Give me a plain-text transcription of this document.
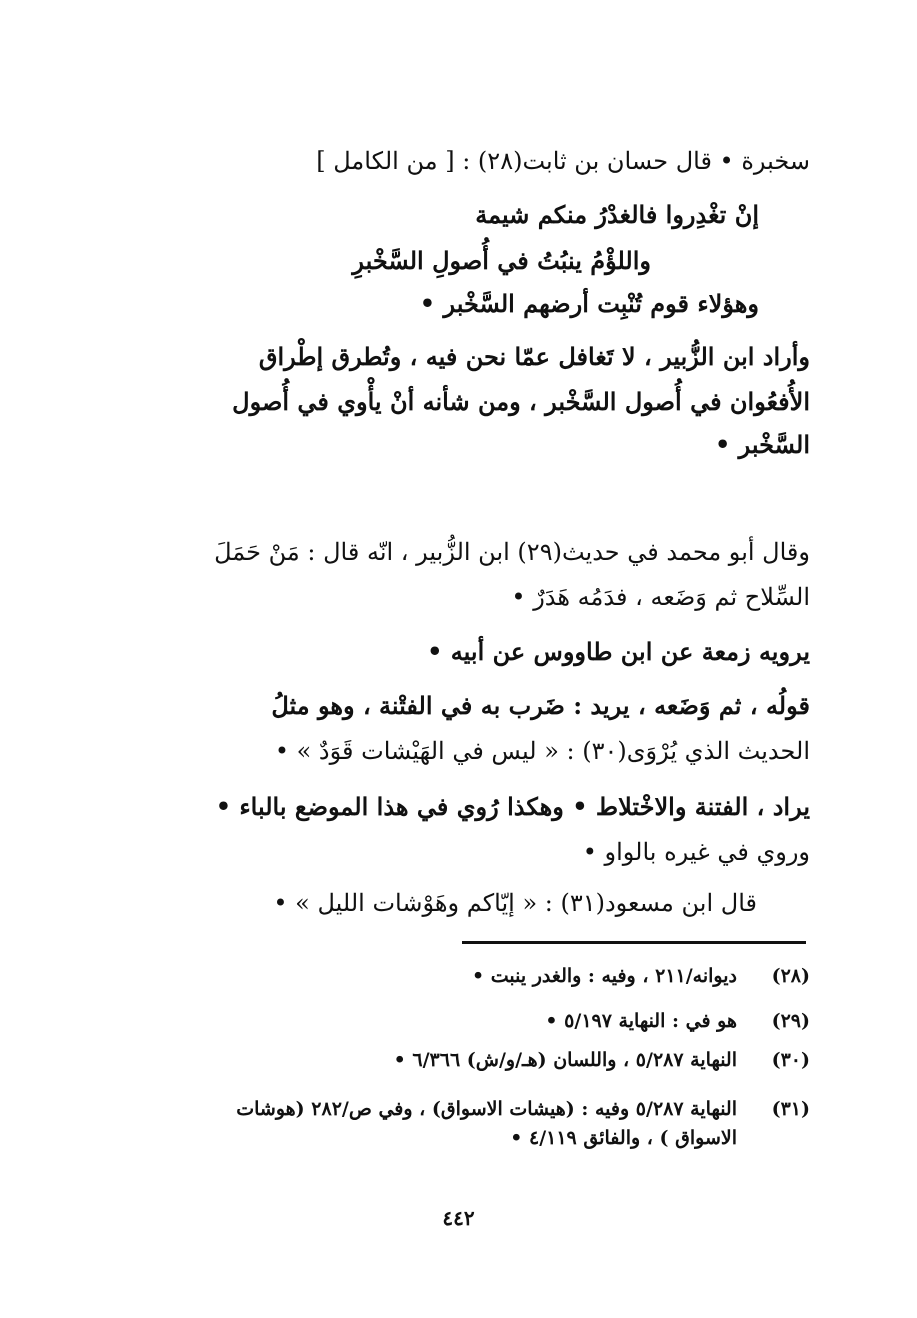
سخبرة • قال حسان بن ثابت(٢٨) : [ من الكامل ]
إنْ تغْدِروا فالغدْرُ منكم شيمة
واللؤْمُ ينبُتُ في أُصولِ السَّخْبرِ
وهؤلاء قوم تُنْبِت أرضهم السَّخْبر •
وأراد ابن الزُّبير ، لا تَغافل عمّا نحن فيه ، وتُطرق إطْراق
الأُفعُوان في أُصول السَّخْبر ، ومن شأنه أنْ يأْوي في أُصول
السَّخْبر •
وقال أبو محمد في حديث(٢٩) ابن الزُّبير ، انّه قال : مَنْ حَمَلَ
السِّلاح ثم وَضَعه ، فدَمُه هَدَرٌ •
يرويه زمعة عن ابن طاووس عن أبيه •
قولُه ، ثم وَضَعه ، يريد : ضَرب به في الفتْنة ، وهو مثلُ
الحديث الذي يُرْوَى(٣٠) : « ليس في الهَيْشات قَوَدٌ » •
يراد ، الفتنة والاخْتلاط • وهكذا رُوي في هذا الموضع بالباء •
وروي في غيره بالواو •
قال ابن مسعود(٣١) : « إيّاكم وهَوْشات الليل » •
(٢٨)
ديوانه/٢١١ ، وفيه : والغدر ينبت •
(٢٩)
هو في : النهاية ٥/١٩٧ •
(٣٠)
النهاية ٥/٢٨٧ ، واللسان (هـ/و/ش) ٦/٣٦٦ •
(٣١)
النهاية ٥/٢٨٧ وفيه : (هيشات الاسواق) ، وفي ص/٢٨٢ (هوشات
الاسواق ) ، والفائق ٤/١١٩ •
٤٤٢
